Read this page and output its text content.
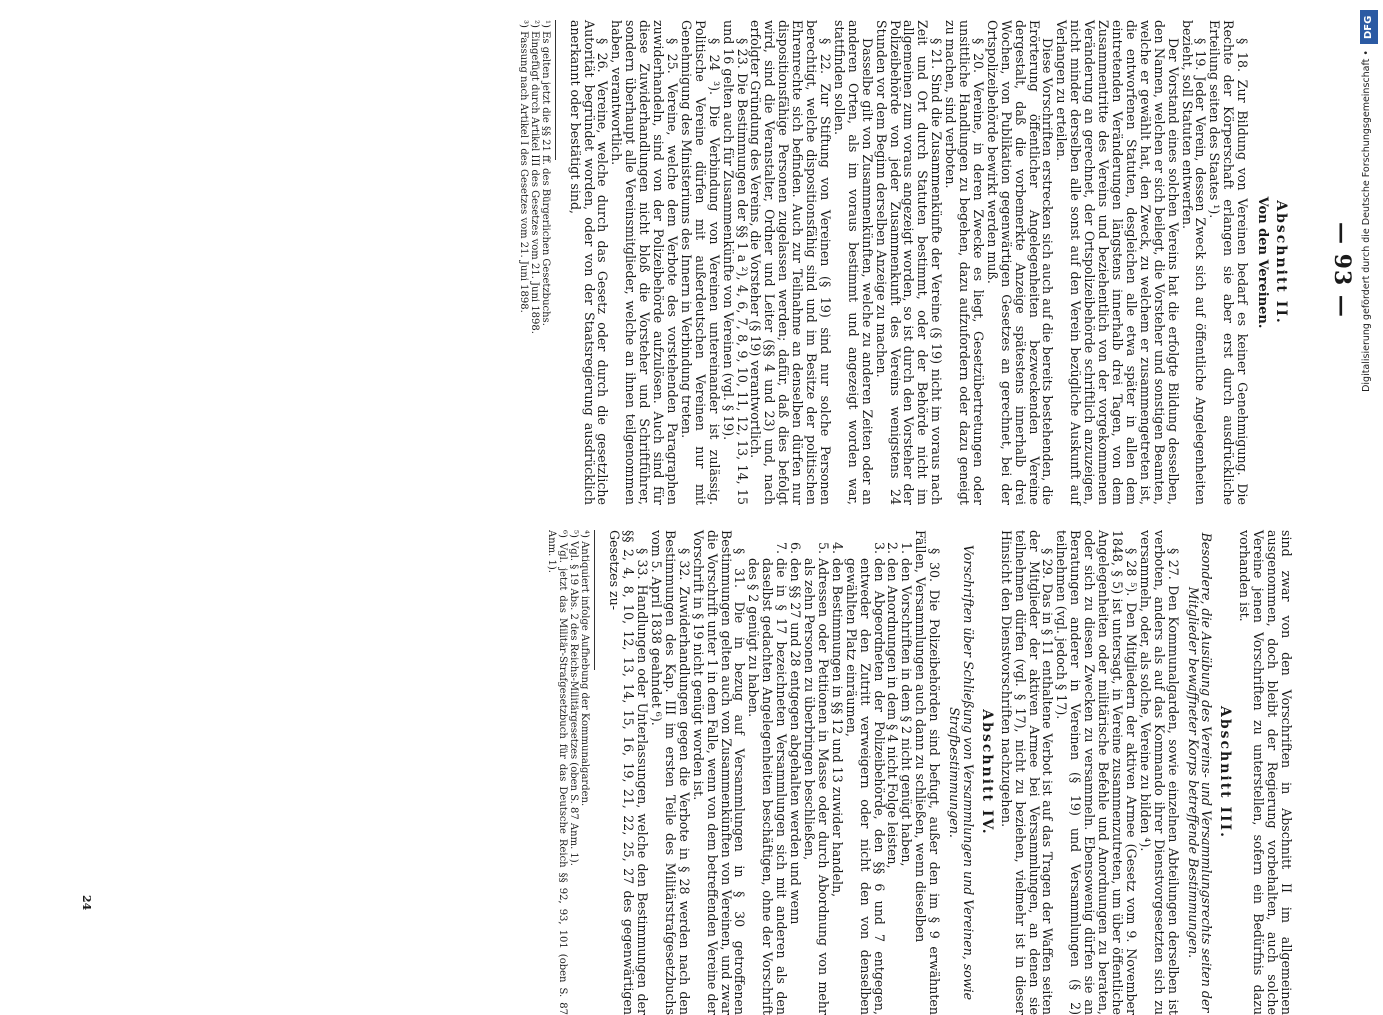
— 93 —
Abschnitt II.
Von den Vereinen.

§ 18. Zur Bildung von Vereinen bedarf es keiner Genehmigung. Die Rechte der Körperschaft erlangen sie aber erst durch ausdrückliche Erteilung seiten des Staates ¹).

§ 19. Jeder Verein, dessen Zweck sich auf öffentliche Angelegenheiten bezieht, soll Statuten entwerfen.

Der Vorstand eines solchen Vereins hat die erfolgte Bildung desselben, den Namen, welchen er sich beilegt, die Vorsteher und sonstigen Beamten, welche er gewählt hat, den Zweck, zu welchem er zusammengetreten ist, die entworfenen Statuten, desgleichen alle etwa später in allen dem eintretenden Veränderungen längstens innerhalb drei Tagen, von dem Zusammentritte des Vereins und beziehentlich von der vorgekommenen Veränderung an gerechnet, der Ortspolizeibehörde schriftlich anzuzeigen, nicht minder derselben alle sonst auf den Verein bezügliche Auskunft auf Verlangen zu erteilen.

Diese Vorschriften erstrecken sich auch auf die bereits bestehenden, die Erörterung öffentlicher Angelegenheiten bezweckenden Vereine dergestalt, daß die vorbemerkte Anzeige spätestens innerhalb drei Wochen, von Publikation gegenwärtigen Gesetzes an gerechnet, bei der Ortspolizeibehörde bewirkt werden muß.

§ 20. Vereine, in deren Zwecke es liegt, Gesetzübertretungen oder unsittliche Handlungen zu begehen, dazu aufzufordern oder dazu geneigt zu machen, sind verboten.

§ 21. Sind die Zusammenkünfte der Vereine (§ 19) nicht im voraus nach Zeit und Ort durch Statuten bestimmt, oder der Behörde nicht im allgemeinen zum voraus angezeigt worden, so ist durch den Vorsteher der Polizeibehörde von jeder Zusammenkunft des Vereins wenigstens 24 Stunden vor dem Beginn derselben Anzeige zu machen.

Dasselbe gilt von Zusammenkünften, welche zu anderen Zeiten oder an anderen Orten, als im voraus bestimmt und angezeigt worden war, stattfinden sollen.

§ 22. Zur Stiftung von Vereinen (§ 19) sind nur solche Personen berechtigt, welche dispositionsfähig sind und im Besitze der politischen Ehrenrechte sich befinden. Auch zur Teilnahme an denselben dürfen nur dispositionsfähige Personen zugelassen werden; dafür, daß dies befolgt wird, sind die Veranstalter, Ordner und Leiter (§§ 4 und 23) und, nach erfolgter Gründung des Vereins, die Vorsteher (§ 19) verantwortlich.

§ 23. Die Bestimmungen der §§ 1 a ²), 4, 6, 7, 8, 9, 10, 11, 12, 13, 14, 15 und 16 gelten auch für Zusammenkünfte von Vereinen (vgl. § 19).

§ 24 ³). Die Verbindung von Vereinen untereinander ist zulässig. Politische Vereine dürfen mit außerdeutschen Vereinen nur mit Genehmigung des Ministeriums des Innern in Verbindung treten.

§ 25. Vereine, welche dem Verbote des vorstehenden Paragraphen zuwiderhandeln, sind von der Polizeibehörde aufzulösen. Auch sind für diese Zuwiderhandlungen nicht bloß die Vorsteher und Schriftführer, sondern überhaupt alle Vereinsmitglieder, welche an ihnen teilgenommen haben, verantwortlich.

§ 26. Vereine, welche durch das Gesetz oder durch die gesetzliche Autorität begründet worden, oder von der Staatsregierung ausdrücklich anerkannt oder bestätigt sind,

¹) Es gelten jetzt die §§ 21 ff. des Bürgerlichen Gesetzbuchs.

²) Eingefügt durch Artikel III des Gesetzes vom 21. Juni 1898.

³) Fassung nach Artikel I des Gesetzes vom 21. Juni 1898.

sind zwar von den Vorschriften in Abschnitt II im allgemeinen ausgenommen, doch bleibt der Regierung vorbehalten, auch solche Vereine jenen Vorschriften zu unterstellen, sofern ein Bedürfnis dazu vorhanden ist.

Abschnitt III.
Besondere, die Ausübung des Vereins- und Versammlungsrechts seiten der Mitglieder bewaffneter Korps betreffende Bestimmungen.

§ 27. Den Kommunalgarden, sowie einzelnen Abteilungen derselben ist verboten, anders als auf das Kommando ihrer Dienstvorgesetzten sich zu versammeln, oder, als solche, Vereine zu bilden ⁴).

§ 28 ⁵). Den Mitgliedern der aktiven Armee (Gesetz vom 9. November 1848, § 5) ist untersagt, in Vereine zusammenzutreten, um über öffentliche Angelegenheiten oder militärische Befehle und Anordnungen zu beraten, oder sich zu diesen Zwecken zu versammeln. Ebensowenig dürfen sie an Beratungen anderer in Vereinen (§ 19) und Versammlungen (§ 2) teilnehmen (vgl. jedoch § 17).

§ 29. Das in § 11 enthaltene Verbot ist auf das Tragen der Waffen seiten der Mitglieder der aktiven Armee bei Versammlungen, an denen sie teilnehmen dürfen (vgl. § 17), nicht zu beziehen, vielmehr ist in dieser Hinsicht den Dienstvorschriften nachzugehen.

Abschnitt IV.
Vorschriften über Schließung von Versammlungen und Vereinen, sowie Strafbestimmungen.

§ 30. Die Polizeibehörden sind befugt, außer den im § 9 erwähnten Fällen, Versammlungen auch dann zu schließen, wenn dieselben

1. den Vorschriften in dem § 2 nicht genügt haben,
2. den Anordnungen in dem § 4 nicht Folge leisten,
3. den Abgeordneten der Polizeibehörde, den §§ 6 und 7 entgegen, entweder den Zutritt verweigern oder nicht den von denselben gewählten Platz einräumen,
4. den Bestimmungen in §§ 12 und 13 zuwider handeln,
5. Adressen oder Petitionen in Masse oder durch Abordnung von mehr als zehn Personen zu überbringen beschließen,
6. den §§ 27 und 28 entgegen abgehalten werden und wenn
7. die in § 17 bezeichneten Versammlungen sich mit anderen als den daselbst gedachten Angelegenheiten beschäftigen, ohne der Vorschrift des § 2 genügt zu haben.

§ 31. Die in bezug auf Versammlungen in § 30 getroffenen Bestimmungen gelten auch von Zusammenkünften von Vereinen, und zwar die Vorschrift unter 1 in dem Falle, wenn von dem betreffenden Vereine der Vorschrift in § 19 nicht genügt worden ist.

§ 32. Zuwiderhandlungen gegen die Verbote in § 28 werden nach den Bestimmungen des Kap. III im ersten Teile des Militärstrafgesetzbuchs vom 5. April 1838 geahndet ⁶).

§ 33. Handlungen oder Unterlassungen, welche den Bestimmungen der §§ 2, 4, 8, 10, 12, 13, 14, 15, 16, 19, 21, 22, 25, 27 des gegenwärtigen Gesetzes zu-

⁴) Antiquiert infolge Aufhebung der Kommunalgarden.

⁵) Vgl. § 19 Abs. 2 des Reichs-Militärgesetzes (oben S. 87 Anm. 1).

⁶) Vgl. jetzt das Militär-Strafgesetzbuch für das Deutsche Reich §§ 92, 93, 101 (oben S. 87 Anm. 1).

24
DFG
Digitalisierung gefördert durch die Deutsche Forschungsgemeinschaft •
